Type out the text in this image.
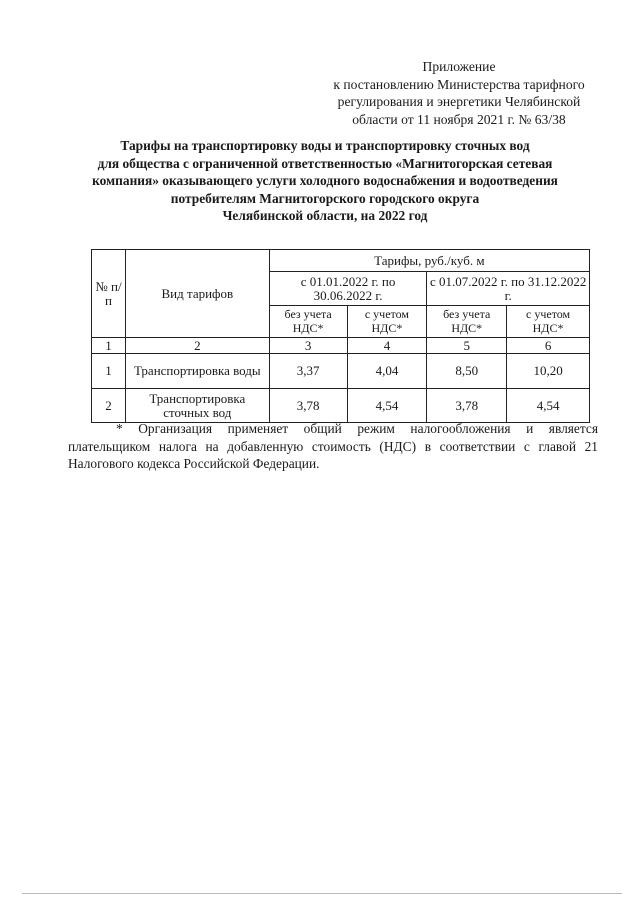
Приложение
к постановлению Министерства тарифного
регулирования и энергетики Челябинской
области от 11 ноября 2021 г. № 63/38
Тарифы на транспортировку воды и транспортировку сточных вод
для общества с ограниченной ответственностью «Магнитогорская сетевая
компания» оказывающего услуги холодного водоснабжения и водоотведения
потребителям Магнитогорского городского округа
Челябинской области, на 2022 год
№ п/п	Вид тарифов	Тарифы, руб./куб. м			
		с 01.01.2022 г. по 30.06.2022 г.		с 01.07.2022 г. по 31.12.2022 г.	
		без учета НДС*	с учетом НДС*	без учета НДС*	с учетом НДС*
1	2	3	4	5	6
1	Транспортировка воды	3,37	4,04	8,50	10,20
2	Транспортировка сточных вод	3,78	4,54	3,78	4,54
* Организация применяет общий режим налогообложения и является
плательщиком налога на добавленную стоимость (НДС) в соответствии с главой 21
Налогового кодекса Российской Федерации.
